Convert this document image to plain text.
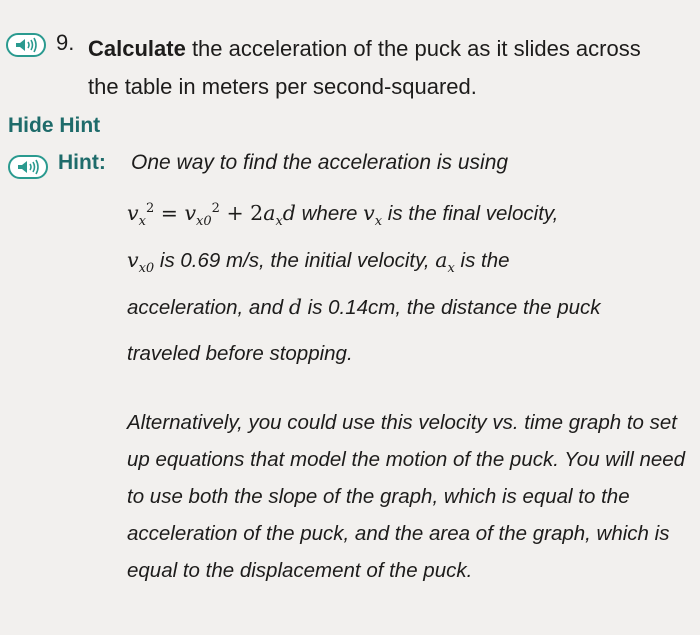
9. Calculate the acceleration of the puck as it slides across the table in meters per second-squared.
Hide Hint
Hint: One way to find the acceleration is using
$v_x^2 = v_{x0}^2 + 2a_xd$ where $v_x$ is the final velocity,
$v_{x0}$ is 0.69 m/s, the initial velocity, $a_x$ is the
acceleration, and d is 0.14cm, the distance the puck
traveled before stopping.
Alternatively, you could use this velocity vs. time graph to set up equations that model the motion of the puck. You will need to use both the slope of the graph, which is equal to the acceleration of the puck, and the area of the graph, which is equal to the displacement of the puck.
